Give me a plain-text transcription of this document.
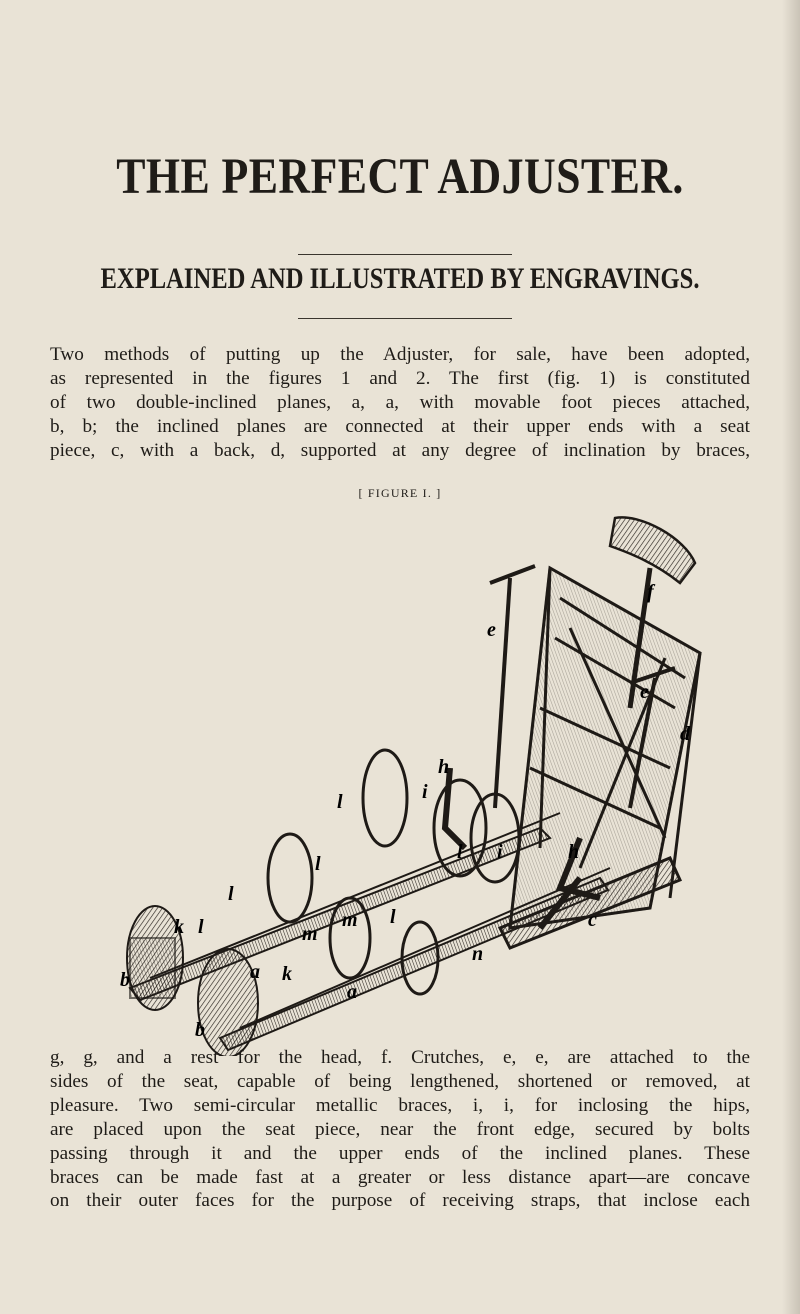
THE PERFECT ADJUSTER.
EXPLAINED AND ILLUSTRATED BY ENGRAVINGS.
Two methods of putting up the Adjuster, for sale, have been adopted,
as represented in the figures 1 and 2. The first (fig. 1) is constituted
of two double-inclined planes, a, a, with movable foot pieces attached,
b, b; the inclined planes are connected at their upper ends with a seat
piece, c, with a back, d, supported at any degree of inclination by braces,
[ FIGURE I. ]
f
e
e
d
h
i
l
h
i
l
l
l
l	c
m
n
a
k l
b
b
m
a k
g, g, and a rest for the head, f. Crutches, e, e, are attached to the
sides of the seat, capable of being lengthened, shortened or removed, at
pleasure. Two semi-circular metallic braces, i, i, for inclosing the hips,
are placed upon the seat piece, near the front edge, secured by bolts
passing through it and the upper ends of the inclined planes. These
braces can be made fast at a greater or less distance apart—are concave
on their outer faces for the purpose of receiving straps, that inclose each
